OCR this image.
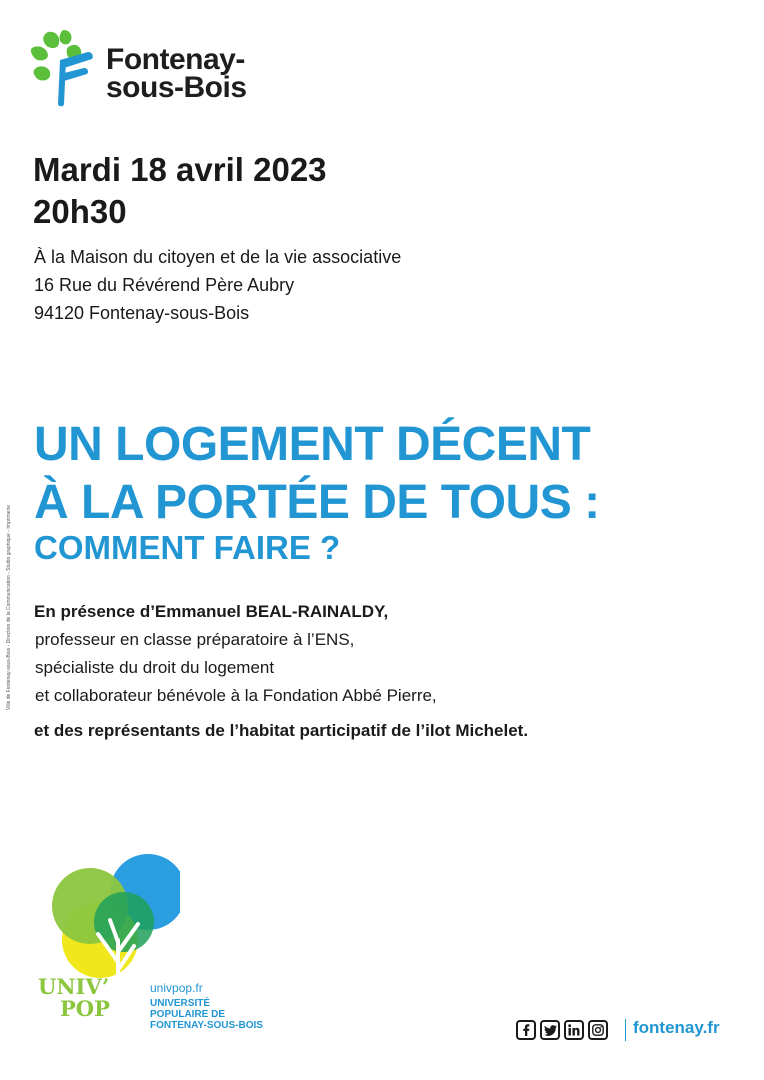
Fontenay-
sous-Bois
Mardi 18 avril 2023
20h30
À la Maison du citoyen et de la vie associative
16 Rue du Révérend Père Aubry
94120 Fontenay-sous-Bois
Ville de Fontenay-sous-Bois - Direction de la Communication - Studio graphique - Imprimerie
UN LOGEMENT DÉCENT
À LA PORTÉE DE TOUS :
COMMENT FAIRE ?
En présence d’Emmanuel BEAL-RAINALDY,
professeur en classe préparatoire à l’ENS,
spécialiste du droit du logement
et collaborateur bénévole à la Fondation Abbé Pierre,
et des représentants de l’habitat participatif de l’ilot Michelet.
UNIV’
POP
univpop.fr
UNIVERSITÉ
POPULAIRE DE
FONTENAY-SOUS-BOIS	fontenay.fr
